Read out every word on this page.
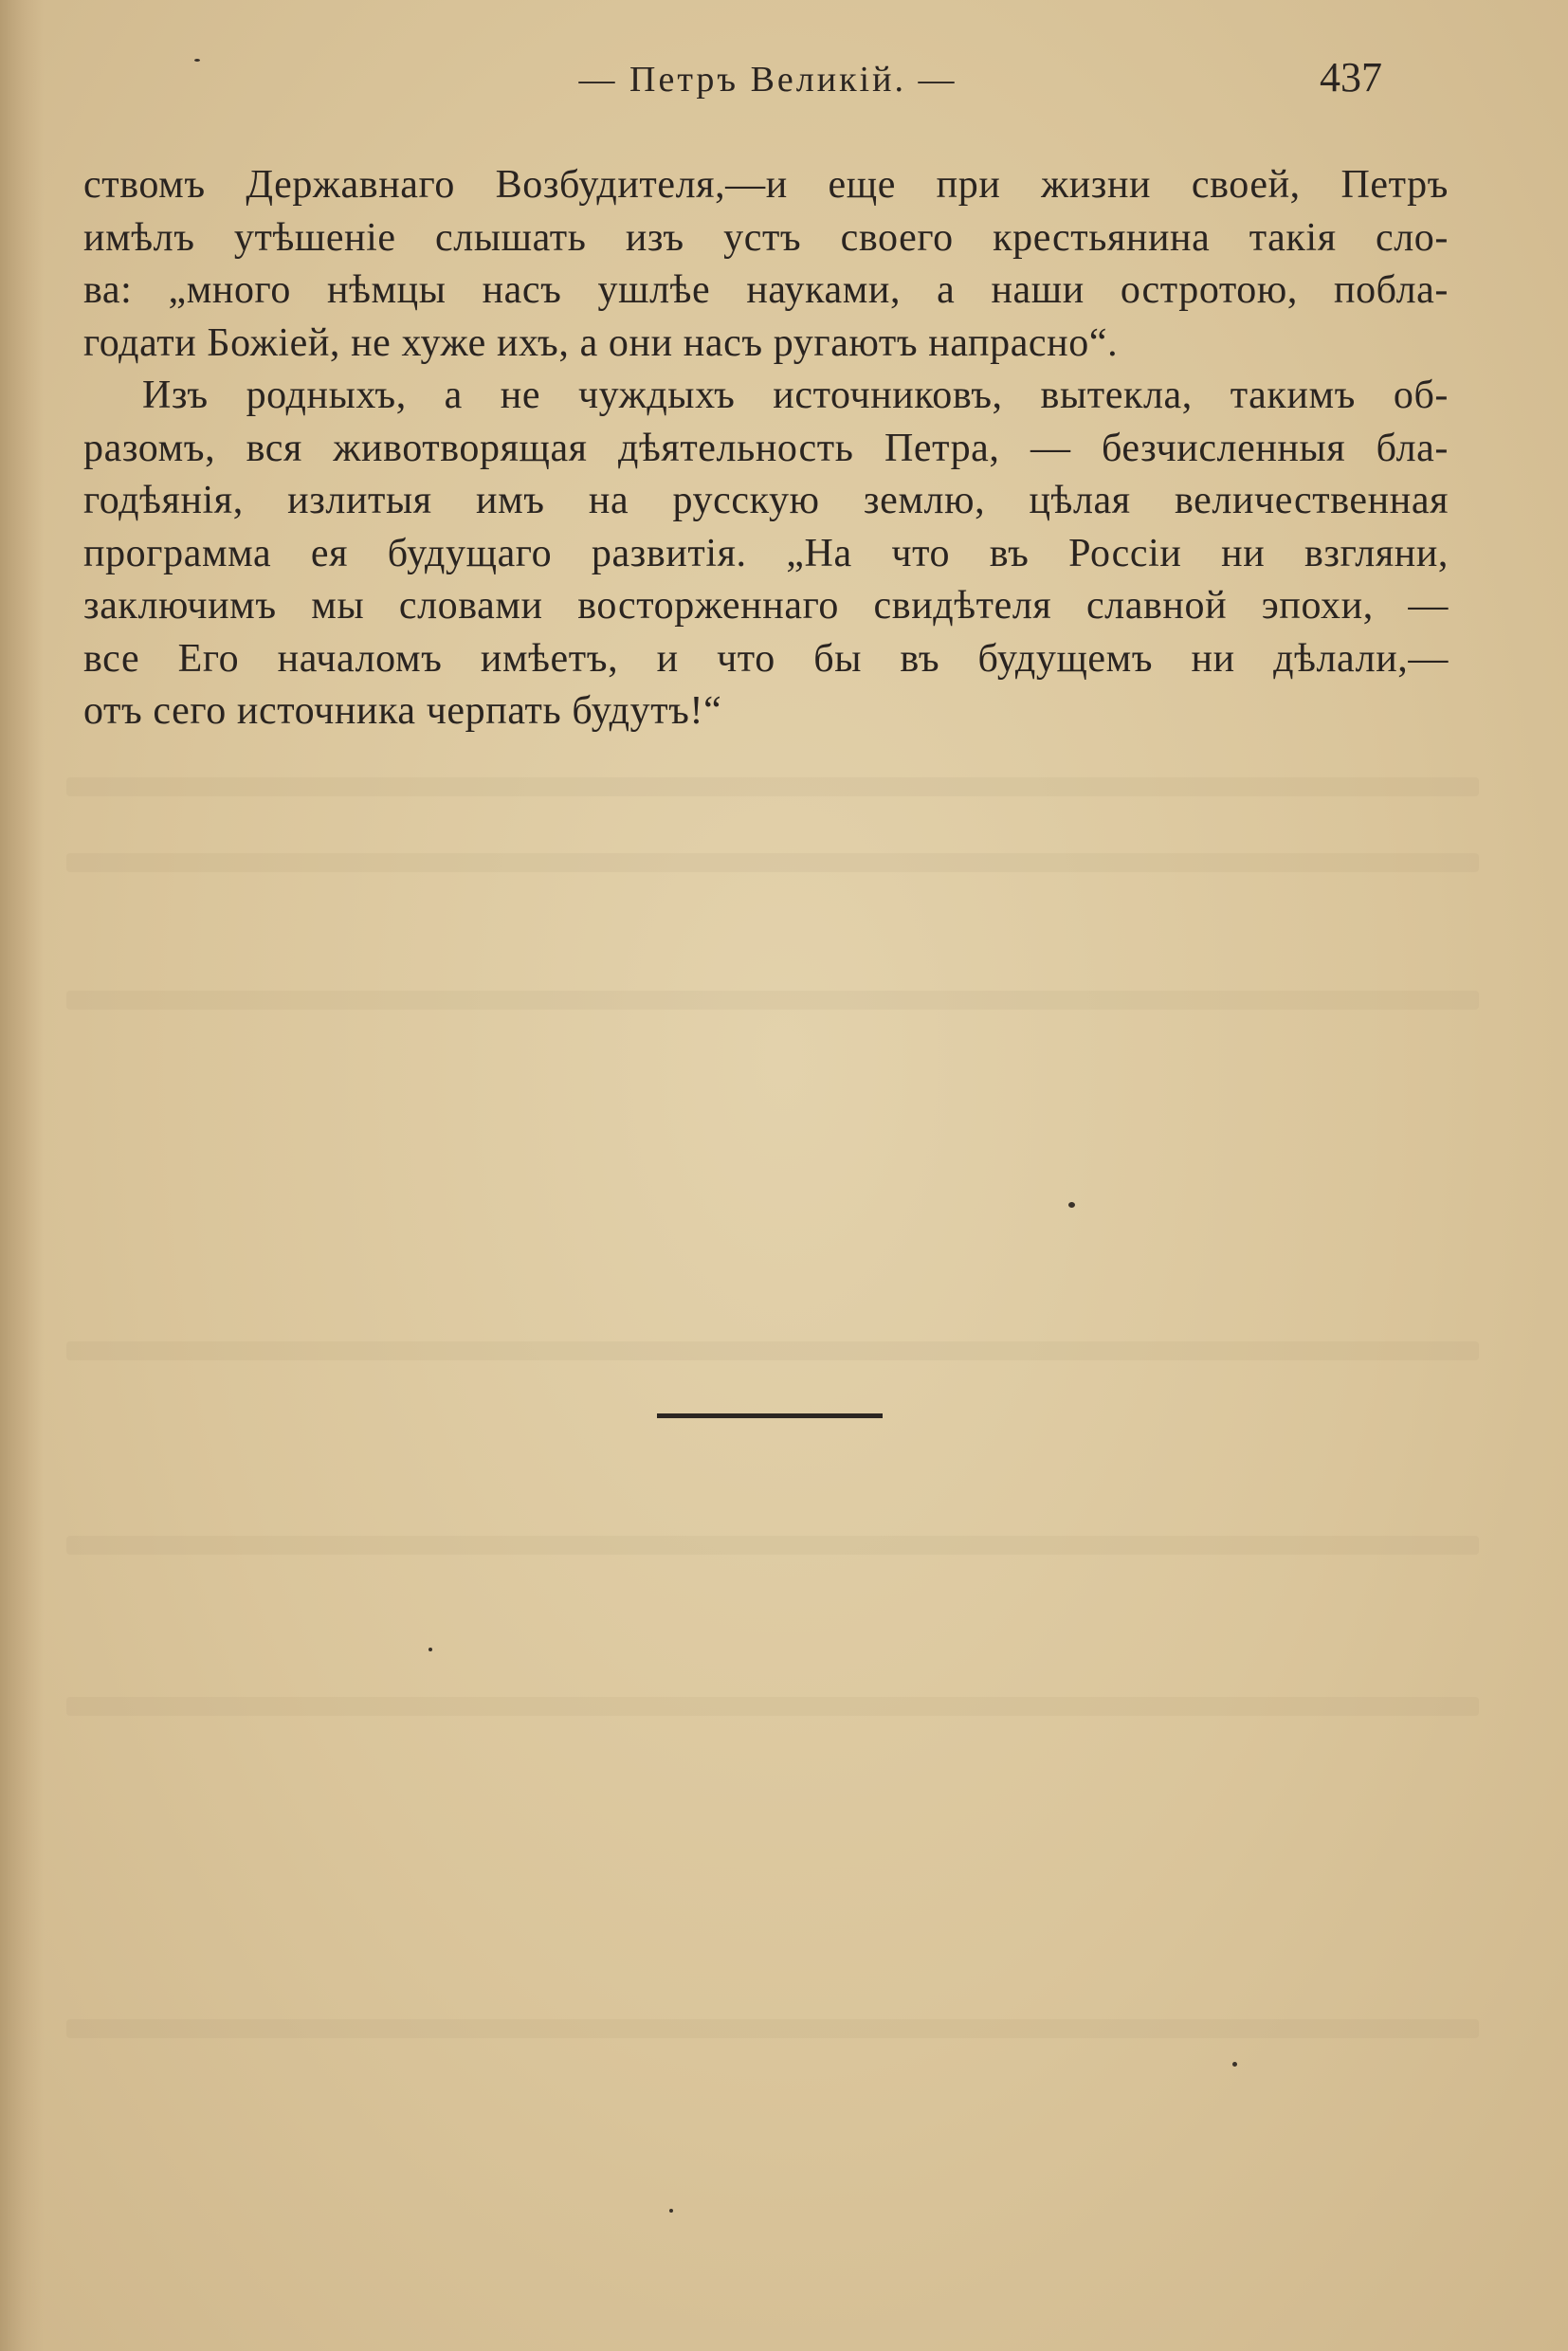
— Петръ Великій. —	437
ствомъ Державнаго Возбудителя,—и еще при жизни своей, Петръ
имѣлъ утѣшеніе слышать изъ устъ своего крестьянина такія сло-
ва: „много нѣмцы насъ ушлѣе науками, а наши остротою, побла-
годати Божіей, не хуже ихъ, а они насъ ругаютъ напрасно“.
Изъ родныхъ, а не чуждыхъ источниковъ, вытекла, такимъ об-
разомъ, вся животворящая дѣятельность Петра, — безчисленныя бла-
годѣянія, излитыя имъ на русскую землю, цѣлая величественная
программа ея будущаго развитія. „На что въ Россіи ни взгляни,
заключимъ мы словами восторженнаго свидѣтеля славной эпохи, —
все Его началомъ имѣетъ, и что бы въ будущемъ ни дѣлали,—
отъ сего источника черпать будутъ!“
